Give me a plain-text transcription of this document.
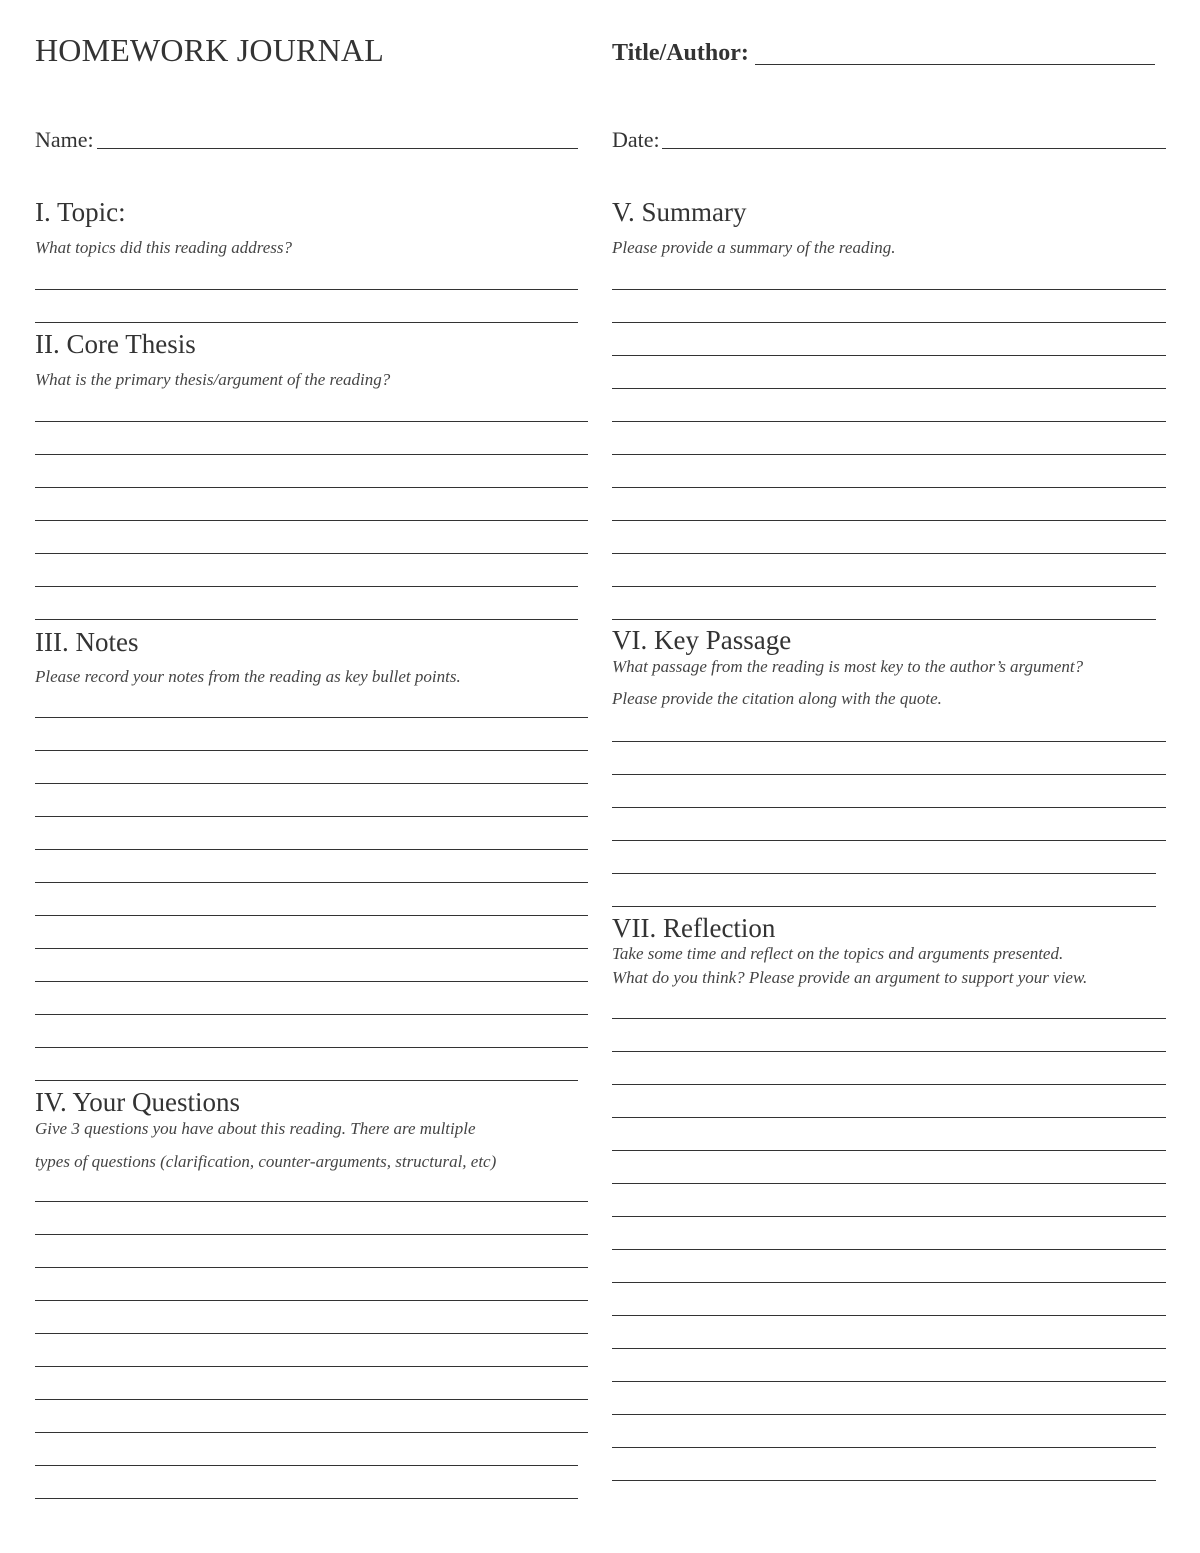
HOMEWORK JOURNAL	Title/Author:
Name:	Date:
I. Topic:
What topics did this reading address?
II. Core Thesis
What is the primary thesis/argument of the reading?
III. Notes
Please record your notes from the reading as key bullet points.
IV. Your Questions
Give 3 questions you have about this reading. There are multiple
types of questions (clarification, counter-arguments, structural, etc)
V. Summary
Please provide a summary of the reading.
VI. Key Passage
What passage from the reading is most key to the author’s argument?
Please provide the citation along with the quote.
VII. Reflection
Take some time and reflect on the topics and arguments presented.
What do you think? Please provide an argument to support your view.
